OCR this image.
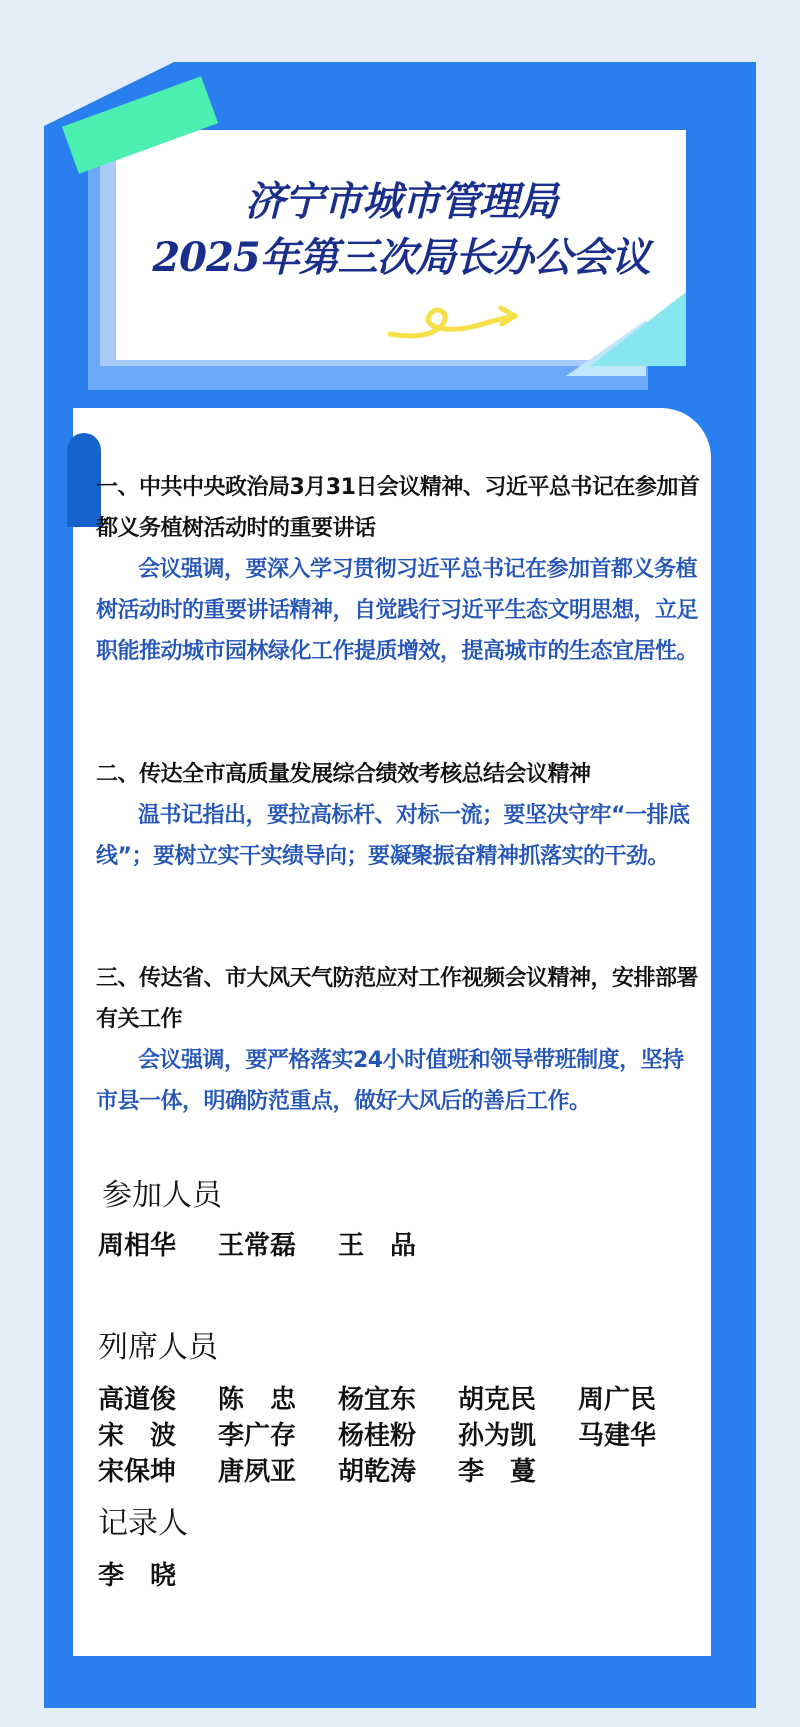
济宁市城市管理局
2025年第三次局长办公会议

一、中共中央政治局3月31日会议精神、习近平总书记在参加首都义务植树活动时的重要讲话

会议强调，要深入学习贯彻习近平总书记在参加首都义务植树活动时的重要讲话精神，自觉践行习近平生态文明思想，立足职能推动城市园林绿化工作提质增效，提高城市的生态宜居性。

二、传达全市高质量发展综合绩效考核总结会议精神

温书记指出，要拉高标杆、对标一流；要坚决守牢“一排底线”；要树立实干实绩导向；要凝聚振奋精神抓落实的干劲。

三、传达省、市大风天气防范应对工作视频会议精神，安排部署有关工作

会议强调，要严格落实24小时值班和领导带班制度，坚持市县一体，明确防范重点，做好大风后的善后工作。

参加人员

周相华	王常磊	王　品

列席人员

高道俊	陈　忠	杨宜东	胡克民	周广民
宋　波	李广存	杨桂粉	孙为凯	马建华
宋保坤	唐夙亚	胡乾涛	李　蔓

记录人

李　晓
